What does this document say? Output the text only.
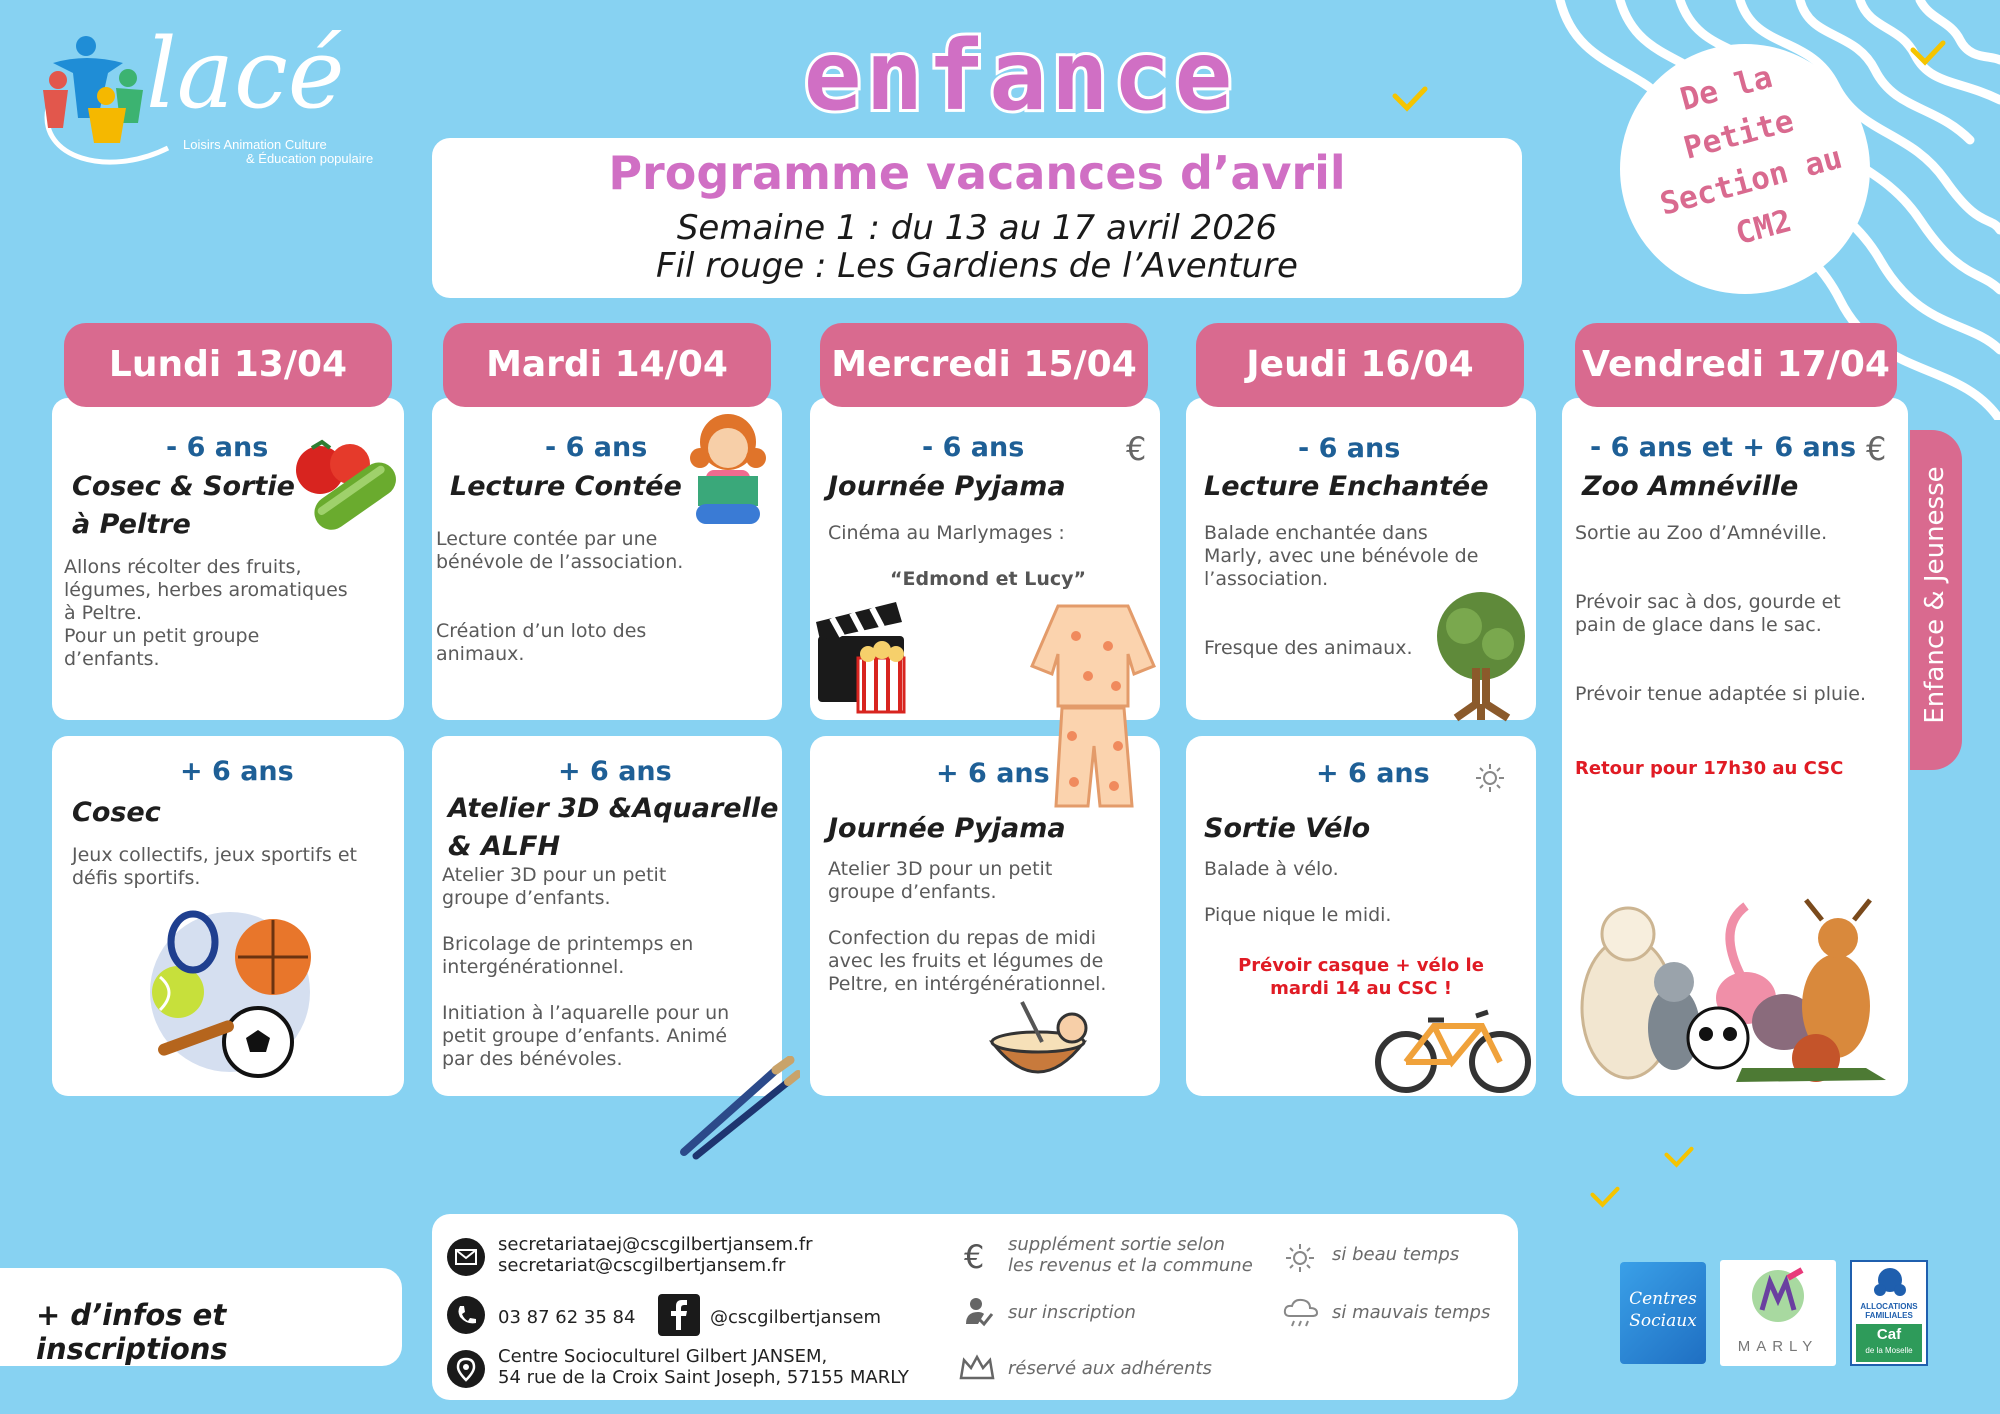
lacé
Loisirs Animation Culture
& Éducation populaire
enfance
Programme vacances d’avril
Semaine 1 : du 13 au 17 avril 2026
Fil rouge : Les Gardiens de l’Aventure
De la
Petite
Section au
CM2
Enfance & Jeunesse
Lundi 13/04	Mardi 14/04	Mercredi 15/04	Jeudi 16/04	Vendredi 17/04
- 6 ans
Cosec & Sortie
à Peltre
Allons récolter des fruits,
légumes, herbes aromatiques
à Peltre.
Pour un petit groupe
d’enfants.
+ 6 ans
Cosec
Jeux collectifs, jeux sportifs et
défis sportifs.
- 6 ans
Lecture Contée
Lecture contée par une
bénévole de l’association.

Création d’un loto des
animaux.
+ 6 ans
Atelier 3D &Aquarelle
& ALFH
Atelier 3D pour un petit
groupe d’enfants.

Bricolage de printemps en
intergénérationnel.

Initiation à l’aquarelle pour un
petit groupe d’enfants. Animé
par des bénévoles.
- 6 ans	€
Journée Pyjama
Cinéma au Marlymages :
“Edmond et Lucy”
+ 6 ans
Journée Pyjama
Atelier 3D pour un petit
groupe d’enfants.

Confection du repas de midi
avec les fruits et légumes de
Peltre, en intérgénérationnel.
- 6 ans
Lecture Enchantée
Balade enchantée dans
Marly, avec une bénévole de
l’association.

Fresque des animaux.
+ 6 ans
Sortie Vélo
Balade à vélo.

Pique nique le midi.
Prévoir casque + vélo le
mardi 14 au CSC !
- 6 ans et + 6 ans €
Zoo Amnéville
Sortie au Zoo d’Amnéville.

Prévoir sac à dos, gourde et
pain de glace dans le sac.

Prévoir tenue adaptée si pluie.
Retour pour 17h30 au CSC
+ d’infos et inscriptions
secretariataej@cscgilbertjansem.fr
secretariat@cscgilbertjansem.fr
03 87 62 35 84	@cscgilbertjansem
Centre Socioculturel Gilbert JANSEM,
54 rue de la Croix Saint Joseph, 57155 MARLY
€ supplément sortie selon
les revenus et la commune
sur inscription
réservé aux adhérents
si beau temps
si mauvais temps
Centres
Sociaux
MARLY
ALLOCATIONS
FAMILIALES
Caf
de la Moselle
